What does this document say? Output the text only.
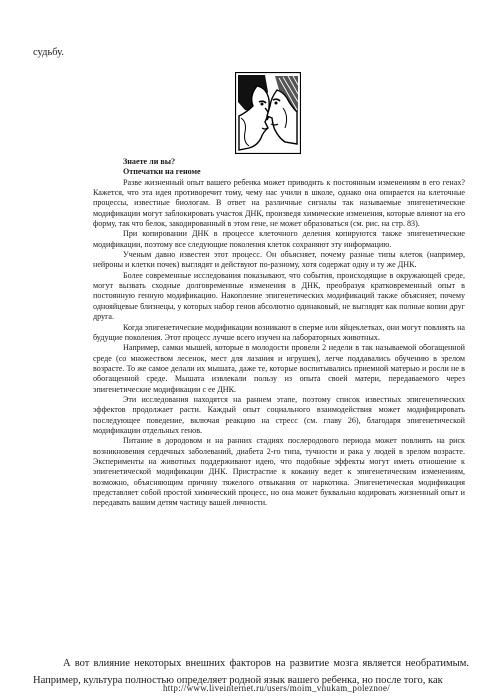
судьбу.
Знаете ли вы?
Отпечатки на геноме

Разве жизненный опыт вашего ребенка может приводить к постоянным изменениям в его генах? Кажется, что эта идея противоречит тому, чему нас учили в школе, однако она опирается на клеточные процессы, известные биологам. В ответ на различные сигналы так называемые эпигенетические модификации могут заблокировать участок ДНК, произведя химические изменения, которые влияют на его форму, так что белок, закодированный в этом гене, не может образоваться (см. рис. на стр. 83).

При копировании ДНК в процессе клеточного деления копируются также эпигенетические модификации, поэтому все следующие поколения клеток сохраняют эту информацию.

Ученым давно известен этот процесс. Он объясняет, почему разные типы клеток (например, нейроны и клетки почек) выглядят и действуют по-разному, хотя содержат одну и ту же ДНК.

Более современные исследования показывают, что события, происходящие в окружающей среде, могут вызвать сходные долговременные изменения в ДНК, преобразуя кратковременный опыт в постоянную генную модификацию. Накопление эпигенетических модификаций также объясняет, почему однояйцевые близнецы, у которых набор генов абсолютно одинаковый, не выглядят как полные копии друг друга.

Когда эпигенетические модификации возникают в сперме или яйцеклетках, они могут повлиять на будущие поколения. Этот процесс лучше всего изучен на лабораторных животных.

Например, самки мышей, которые в молодости провели 2 недели в так называемой обогащенной среде (со множеством лесенок, мест для лазания и игрушек), легче поддавались обучению в зрелом возрасте. То же самое делали их мышата, даже те, которые воспитывались приемной матерью и росли не в обогащенной среде. Мышата извлекали пользу из опыта своей матери, передаваемого через эпигенетические модификации с ее ДНК.

Эти исследования находятся на раннем этапе, поэтому список известных эпигенетических эффектов продолжает расти. Каждый опыт социального взаимодействия может модифицировать последующее поведение, включая реакцию на стресс (см. главу 26), благодаря эпигенетической модификации отдельных генов.

Питание в дородовом и на ранних стадиях послеродового периода может повлиять на риск возникновения сердечных заболеваний, диабета 2-го типа, тучности и рака у людей в зрелом возрасте. Эксперименты на животных поддерживают идею, что подобные эффекты могут иметь отношение к эпигенетической модификации ДНК. Пристрастие к кокаину ведет к эпигенетическим изменениям, возможно, объясняющим причину тяжелого отвыкания от наркотика. Эпигенетическая модификация представляет собой простой химический процесс, но она может буквально кодировать жизненный опыт и передавать вашим детям частицу вашей личности.

А вот влияние некоторых внешних факторов на развитие мозга является необратимым. Например, культура полностью определяет родной язык вашего ребенка, но после того, как

http://www.liveinternet.ru/users/moim_vnukam_poleznoe/
